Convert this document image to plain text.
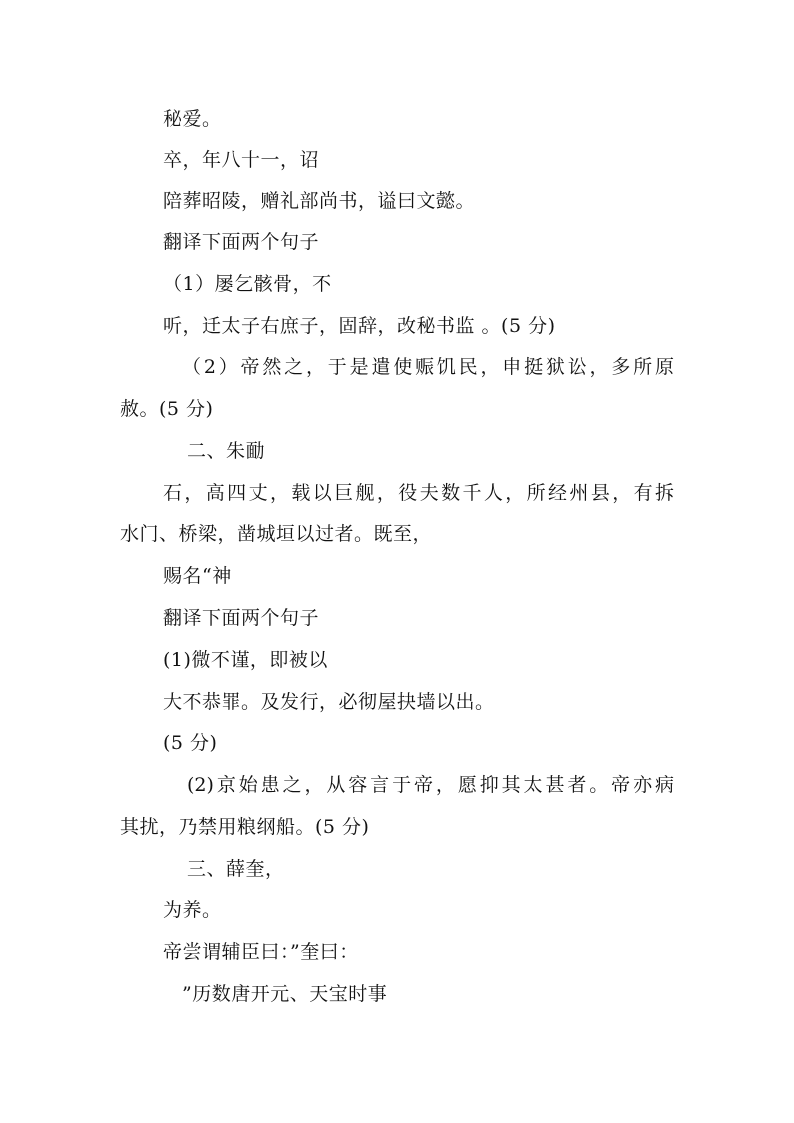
秘爱。
卒，年八十一，诏
陪葬昭陵，赠礼部尚书，谥曰文懿。
翻译下面两个句子
（1）屡乞骸骨，不
听，迁太子右庶子，固辞，改秘书监 。(5 分)
（2）帝然之，于是遣使赈饥民，申挺狱讼，多所原
赦。(5 分)
二、朱勔
石，高四丈，载以巨舰，役夫数千人，所经州县，有拆
水门、桥梁，凿城垣以过者。既至，
赐名“神
翻译下面两个句子
(1)微不谨，即被以
大不恭罪。及发行，必彻屋抉墙以出。
(5 分)
(2)京始患之，从容言于帝，愿抑其太甚者。帝亦病
其扰，乃禁用粮纲船。(5 分)
三、薛奎，
为养。
帝尝谓辅臣曰：”奎曰：
”历数唐开元、天宝时事
